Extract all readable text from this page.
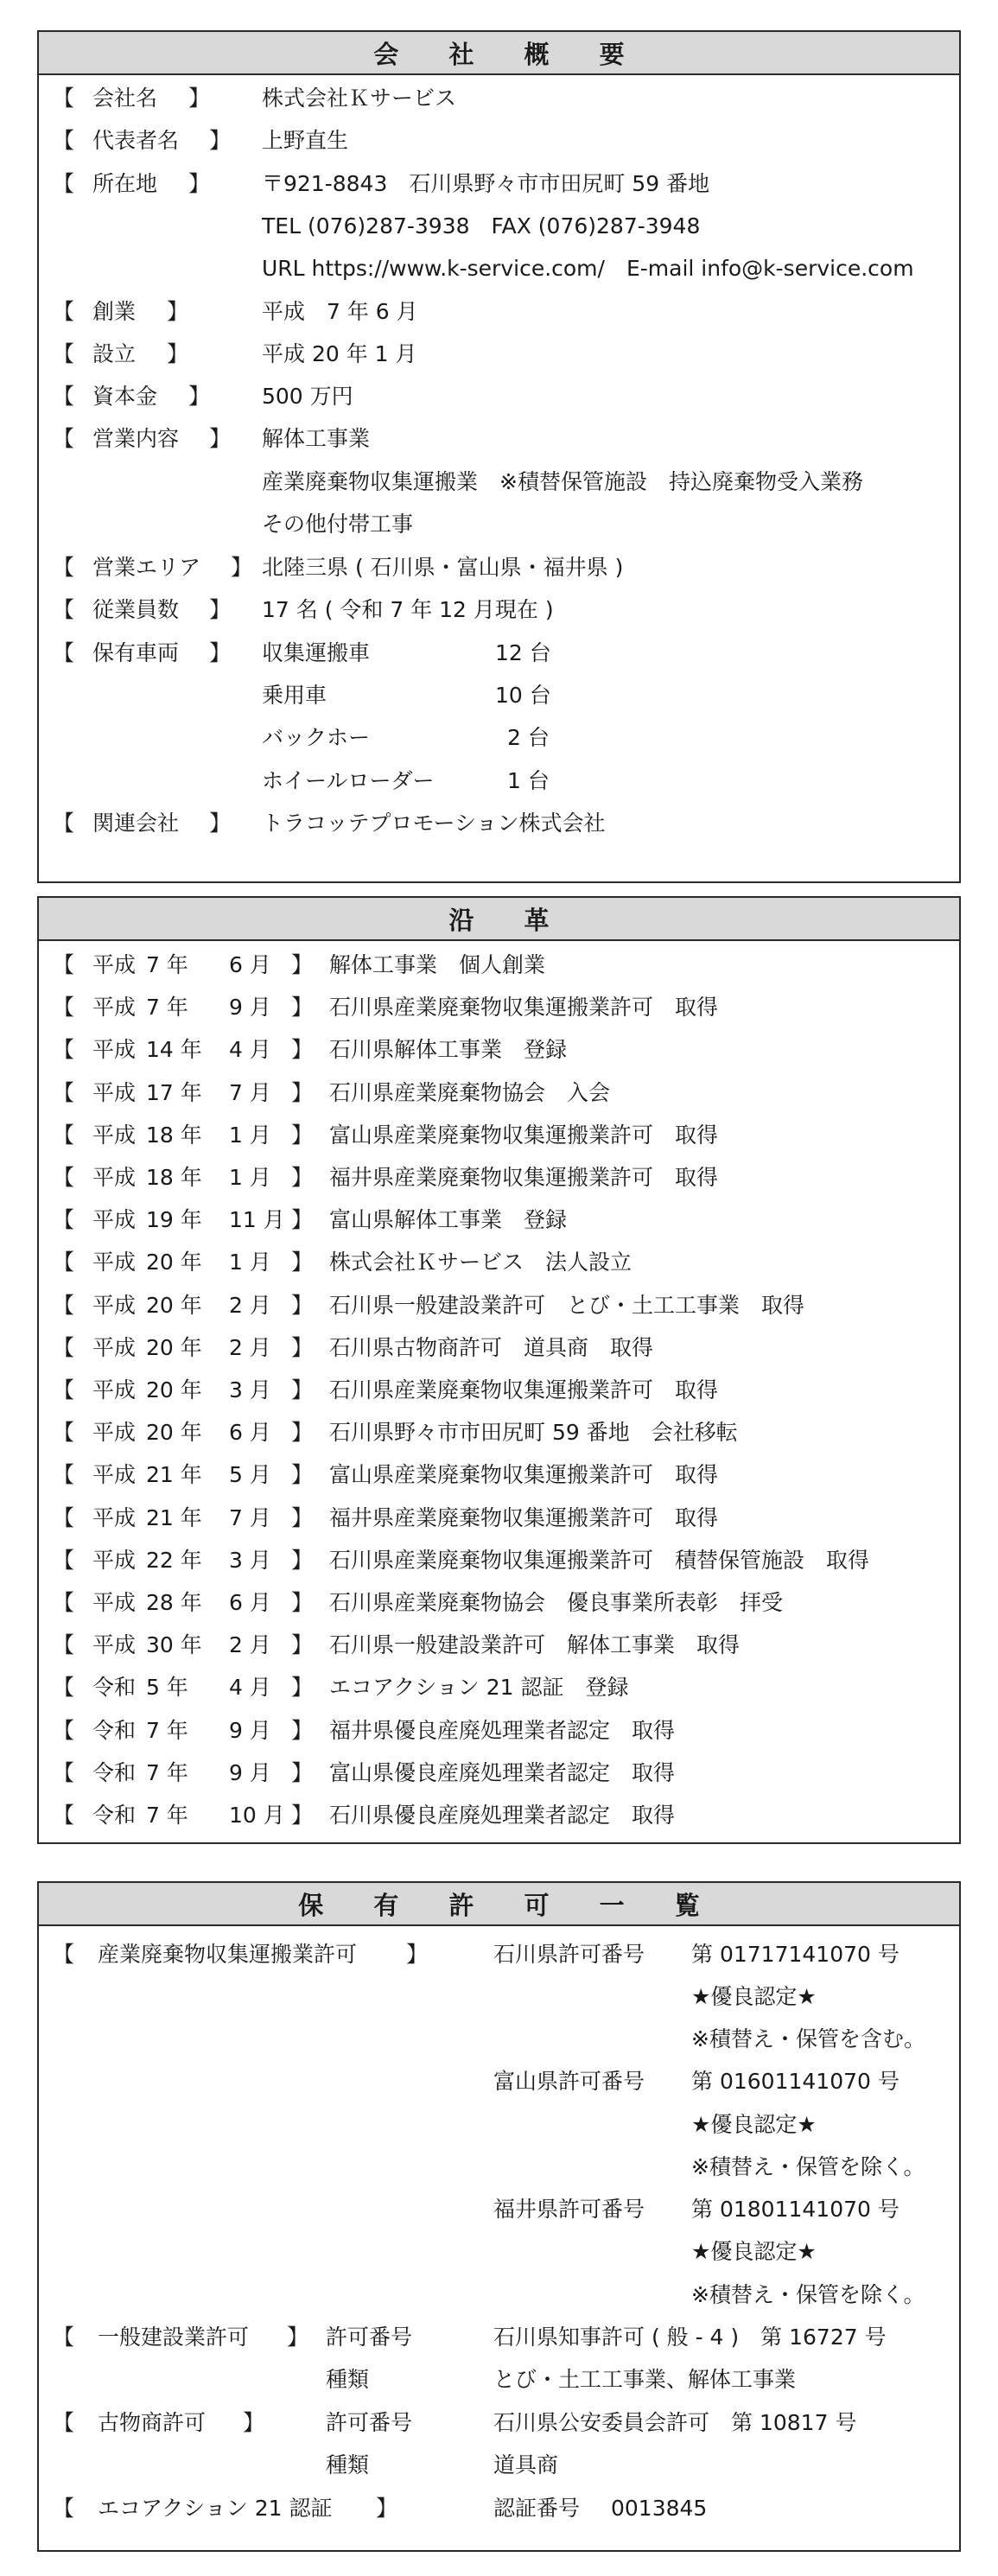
会 社 概 要
【 会社名 】 株式会社Ｋサービス
【 代表者名 】 上野直生
【 所在地 】 〒921-8843　石川県野々市市田尻町 59 番地
TEL (076)287-3938　FAX (076)287-3948
URL https://www.k-service.com/　E-mail info@k-service.com
【 創業 】	平成　7 年 6 月
【 設立 】	平成 20 年 1 月
【 資本金 】 500 万円
【 営業内容 】 解体工事業
産業廃棄物収集運搬業　※積替保管施設　持込廃棄物受入業務
その他付帯工事
【 営業エリア 】 北陸三県 ( 石川県・富山県・福井県 )
【 従業員数 】 17 名 ( 令和 7 年 12 月現在 )
【 保有車両 】 収集運搬車	12 台
乗用車	10 台
バックホー	2 台
ホイールローダー	1 台
【 関連会社 】 トラコッテプロモーション株式会社
沿 革
【 平成 7 年 6 月 】 解体工事業　個人創業
【 平成 7 年 9 月 】 石川県産業廃棄物収集運搬業許可　取得
【 平成 14 年 4 月 】 石川県解体工事業　登録
【 平成 17 年 7 月 】 石川県産業廃棄物協会　入会
【 平成 18 年 1 月 】 富山県産業廃棄物収集運搬業許可　取得
【 平成 18 年 1 月 】 福井県産業廃棄物収集運搬業許可　取得
【 平成 19 年 11 月 】 富山県解体工事業　登録
【 平成 20 年 1 月 】 株式会社Ｋサービス　法人設立
【 平成 20 年 2 月 】 石川県一般建設業許可　とび・土工工事業　取得
【 平成 20 年 2 月 】 石川県古物商許可　道具商　取得
【 平成 20 年 3 月 】 石川県産業廃棄物収集運搬業許可　取得
【 平成 20 年 6 月 】 石川県野々市市田尻町 59 番地　会社移転
【 平成 21 年 5 月 】 富山県産業廃棄物収集運搬業許可　取得
【 平成 21 年 7 月 】 福井県産業廃棄物収集運搬業許可　取得
【 平成 22 年 3 月 】 石川県産業廃棄物収集運搬業許可　積替保管施設　取得
【 平成 28 年 6 月 】 石川県産業廃棄物協会　優良事業所表彰　拝受
【 平成 30 年 2 月 】 石川県一般建設業許可　解体工事業　取得
【 令和 5 年 4 月 】 エコアクション 21 認証　登録
【 令和 7 年 9 月 】 福井県優良産廃処理業者認定　取得
【 令和 7 年 9 月 】 富山県優良産廃処理業者認定　取得
【 令和 7 年 10 月 】 石川県優良産廃処理業者認定　取得
保 有 許 可 一 覧
【 産業廃棄物収集運搬業許可 】	石川県許可番号 第 01717141070 号
★優良認定★
※積替え・保管を含む。
富山県許可番号 第 01601141070 号
★優良認定★
※積替え・保管を除く。
福井県許可番号 第 01801141070 号
★優良認定★
※積替え・保管を除く。
【 一般建設業許可 】 許可番号	石川県知事許可 ( 般 - 4 )　第 16727 号
種類	とび・土工工事業、解体工事業
【 古物商許可 】	許可番号	石川県公安委員会許可　第 10817 号
種類	道具商
【 エコアクション 21 認証 】	認証番号 0013845
